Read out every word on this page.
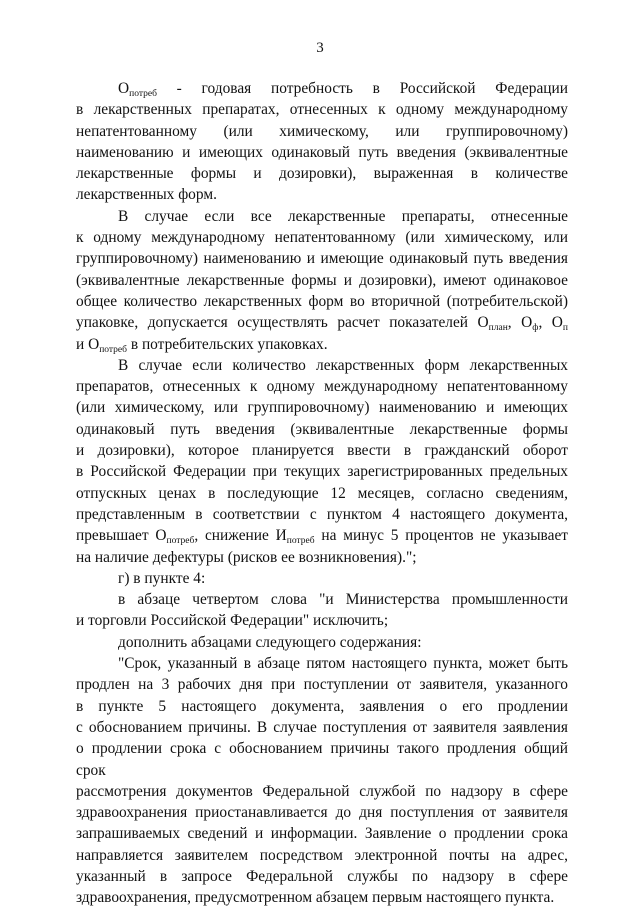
3
$О_{потреб}$ - годовая потребность в Российской Федерации
в лекарственных препаратах, отнесенных к одному международному
непатентованному (или химическому, или группировочному)
наименованию и имеющих одинаковый путь введения (эквивалентные
лекарственные формы и дозировки), выраженная в количестве
лекарственных форм.
В случае если все лекарственные препараты, отнесенные
к одному международному непатентованному (или химическому, или
группировочному) наименованию и имеющие одинаковый путь введения
(эквивалентные лекарственные формы и дозировки), имеют одинаковое
общее количество лекарственных форм во вторичной (потребительской)
упаковке, допускается осуществлять расчет показателей $О_{план}$, $О_ф$, $О_п$
и $О_{потреб}$ в потребительских упаковках.
В случае если количество лекарственных форм лекарственных
препаратов, отнесенных к одному международному непатентованному
(или химическому, или группировочному) наименованию и имеющих
одинаковый путь введения (эквивалентные лекарственные формы
и дозировки), которое планируется ввести в гражданский оборот
в Российской Федерации при текущих зарегистрированных предельных
отпускных ценах в последующие 12 месяцев, согласно сведениям,
представленным в соответствии с пунктом 4 настоящего документа,
превышает $О_{потреб}$, снижение $И_{потреб}$ на минус 5 процентов не указывает
на наличие дефектуры (рисков ее возникновения).";
г) в пункте 4:
в абзаце четвертом слова "и Министерства промышленности
и торговли Российской Федерации" исключить;
дополнить абзацами следующего содержания:
"Срок, указанный в абзаце пятом настоящего пункта, может быть
продлен на 3 рабочих дня при поступлении от заявителя, указанного
в пункте 5 настоящего документа, заявления о его продлении
с обоснованием причины. В случае поступления от заявителя заявления
о продлении срока с обоснованием причины такого продления общий срок
рассмотрения документов Федеральной службой по надзору в сфере
здравоохранения приостанавливается до дня поступления от заявителя
запрашиваемых сведений и информации. Заявление о продлении срока
направляется заявителем посредством электронной почты на адрес,
указанный в запросе Федеральной службы по надзору в сфере
здравоохранения, предусмотренном абзацем первым настоящего пункта.
